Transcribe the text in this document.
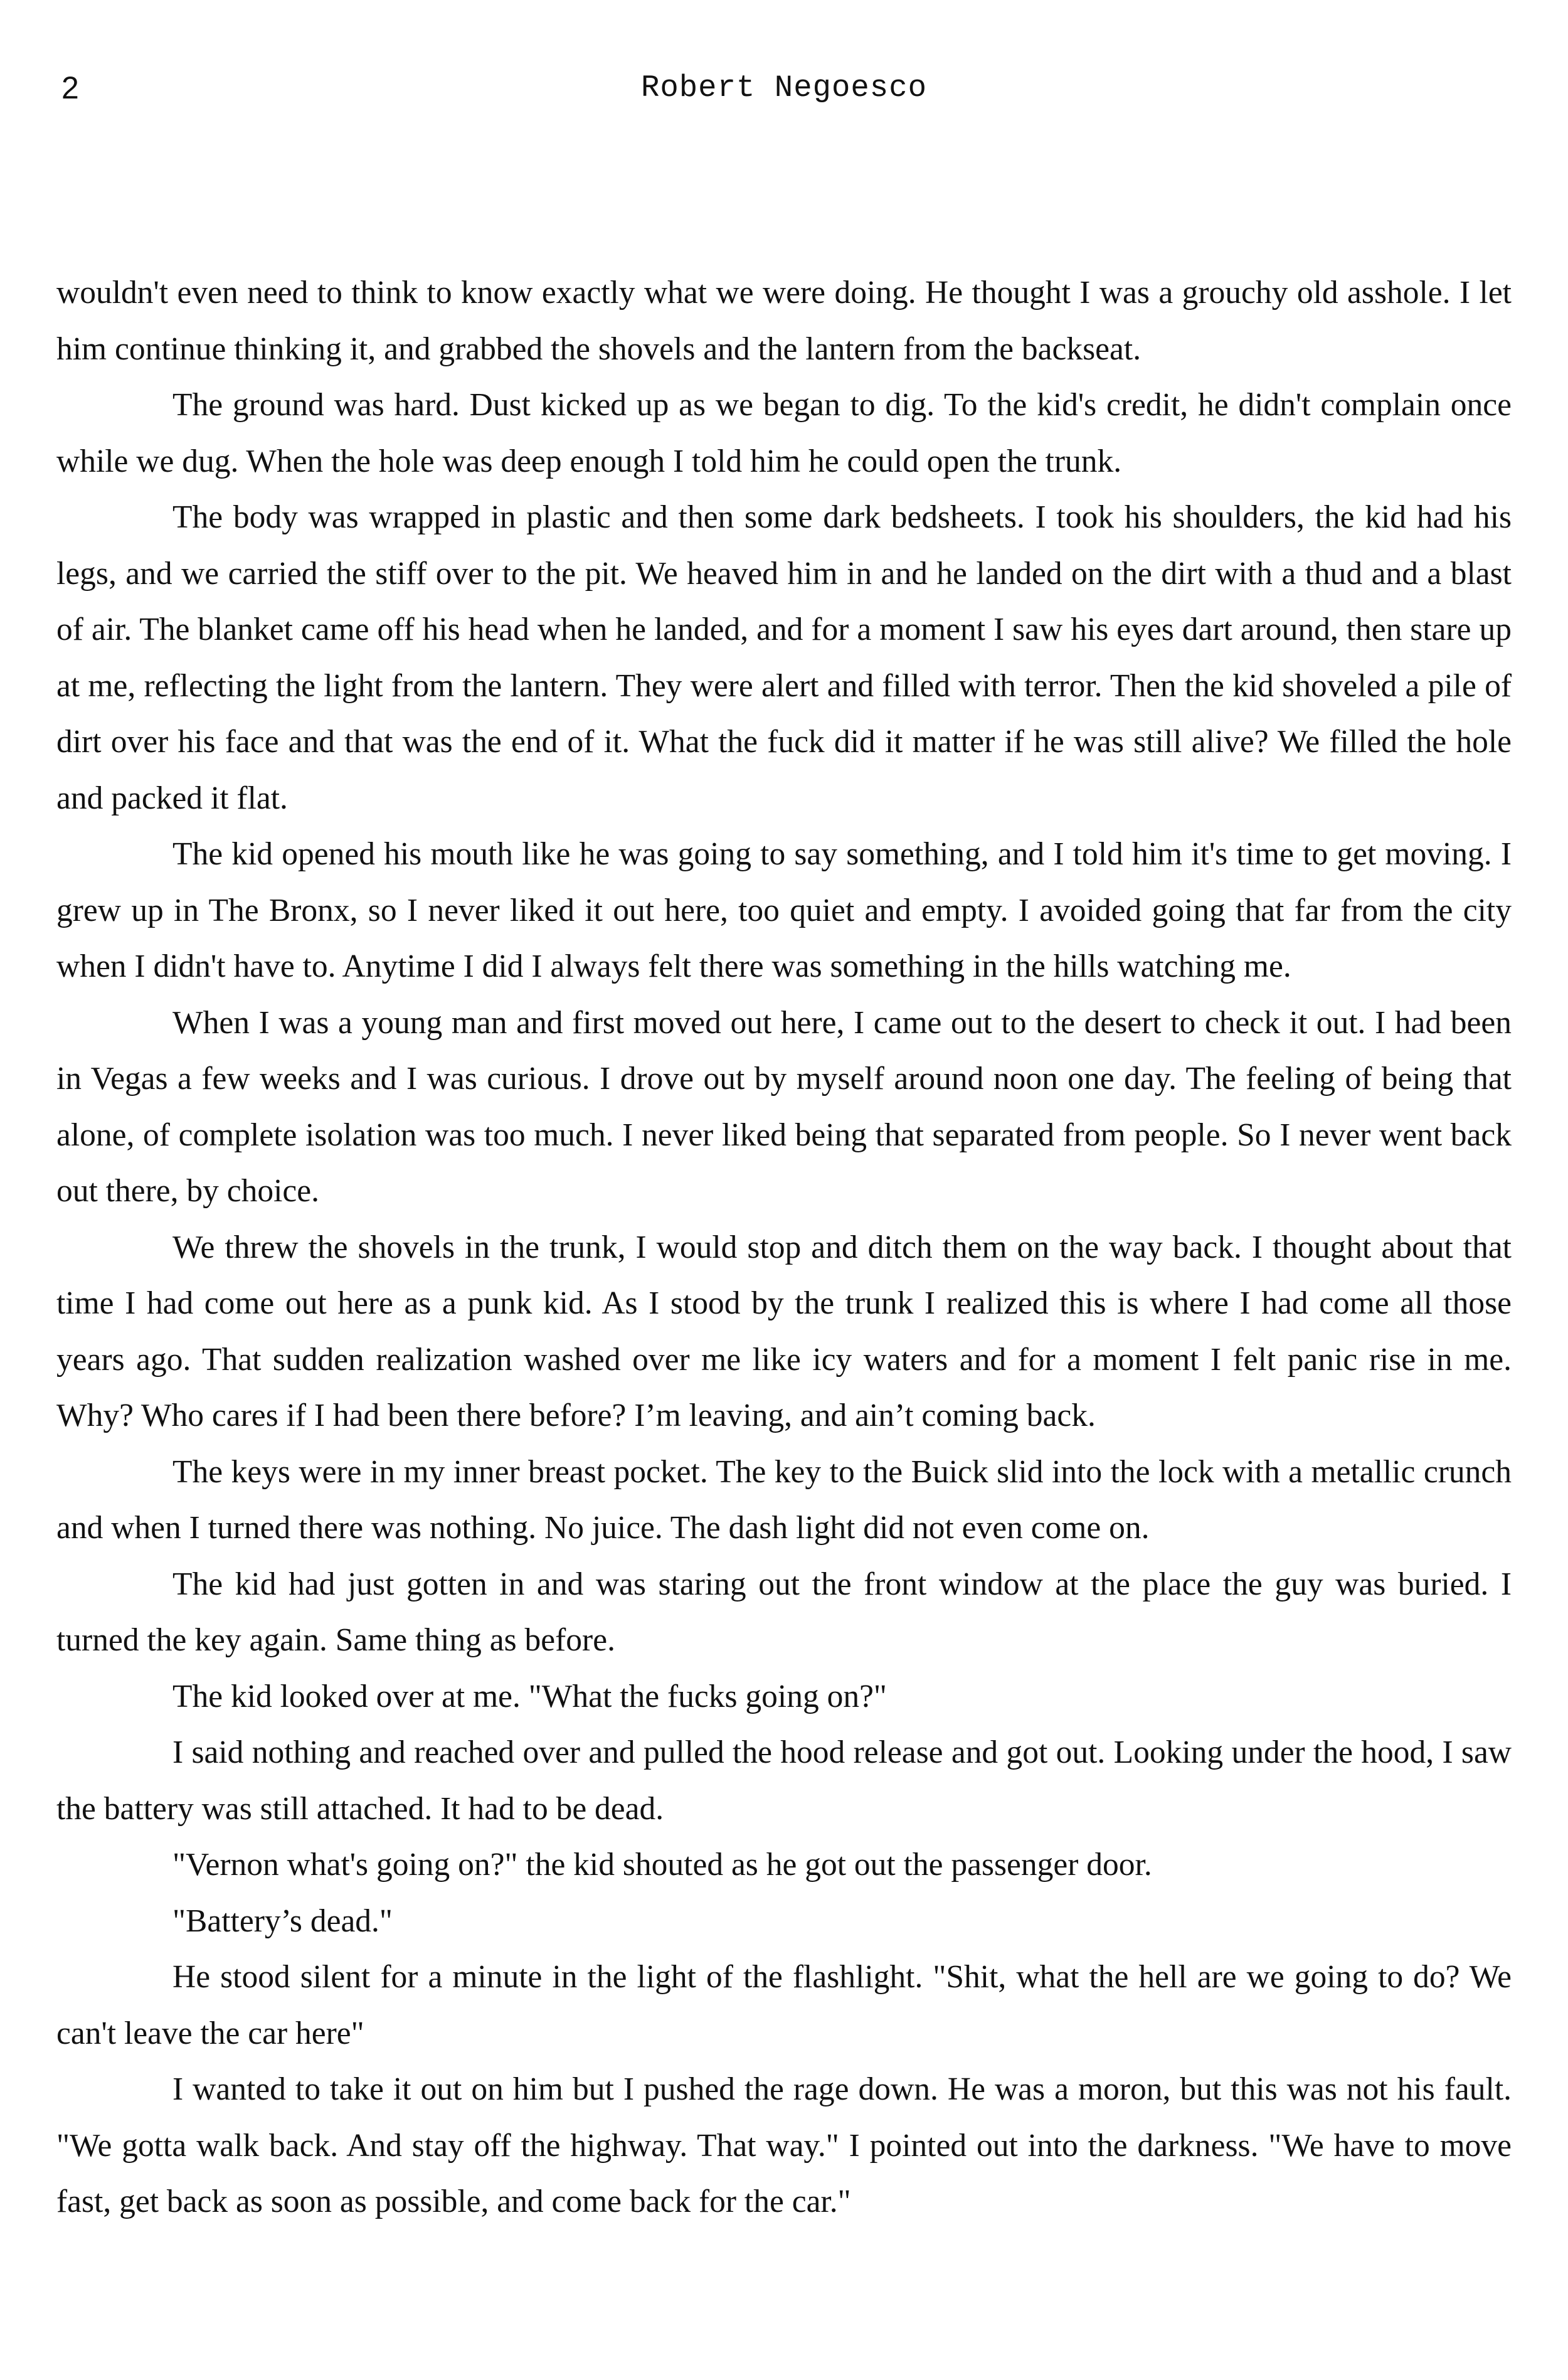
2	Robert Negoesco

wouldn't even need to think to know exactly what we were doing. He thought I was a grouchy old asshole. I let him continue thinking it, and grabbed the shovels and the lantern from the backseat.

The ground was hard. Dust kicked up as we began to dig. To the kid's credit, he didn't complain once while we dug. When the hole was deep enough I told him he could open the trunk.

The body was wrapped in plastic and then some dark bedsheets. I took his shoulders, the kid had his legs, and we carried the stiff over to the pit. We heaved him in and he landed on the dirt with a thud and a blast of air. The blanket came off his head when he landed, and for a moment I saw his eyes dart around, then stare up at me, reflecting the light from the lantern. They were alert and filled with terror. Then the kid shoveled a pile of dirt over his face and that was the end of it. What the fuck did it matter if he was still alive? We filled the hole and packed it flat.

The kid opened his mouth like he was going to say something, and I told him it's time to get moving. I grew up in The Bronx, so I never liked it out here, too quiet and empty. I avoided going that far from the city when I didn't have to. Anytime I did I always felt there was something in the hills watching me.

When I was a young man and first moved out here, I came out to the desert to check it out. I had been in Vegas a few weeks and I was curious. I drove out by myself around noon one day. The feeling of being that alone, of complete isolation was too much. I never liked being that separated from people. So I never went back out there, by choice.

We threw the shovels in the trunk, I would stop and ditch them on the way back. I thought about that time I had come out here as a punk kid. As I stood by the trunk I realized this is where I had come all those years ago. That sudden realization washed over me like icy waters and for a moment I felt panic rise in me. Why? Who cares if I had been there before? I’m leaving, and ain’t coming back.

The keys were in my inner breast pocket. The key to the Buick slid into the lock with a metallic crunch and when I turned there was nothing. No juice. The dash light did not even come on.

The kid had just gotten in and was staring out the front window at the place the guy was buried. I turned the key again. Same thing as before.

The kid looked over at me. "What the fucks going on?"

I said nothing and reached over and pulled the hood release and got out. Looking under the hood, I saw the battery was still attached. It had to be dead.

"Vernon what's going on?" the kid shouted as he got out the passenger door.

"Battery’s dead."

He stood silent for a minute in the light of the flashlight. "Shit, what the hell are we going to do? We can't leave the car here"

I wanted to take it out on him but I pushed the rage down. He was a moron, but this was not his fault. "We gotta walk back. And stay off the highway. That way." I pointed out into the darkness. "We have to move fast, get back as soon as possible, and come back for the car."
